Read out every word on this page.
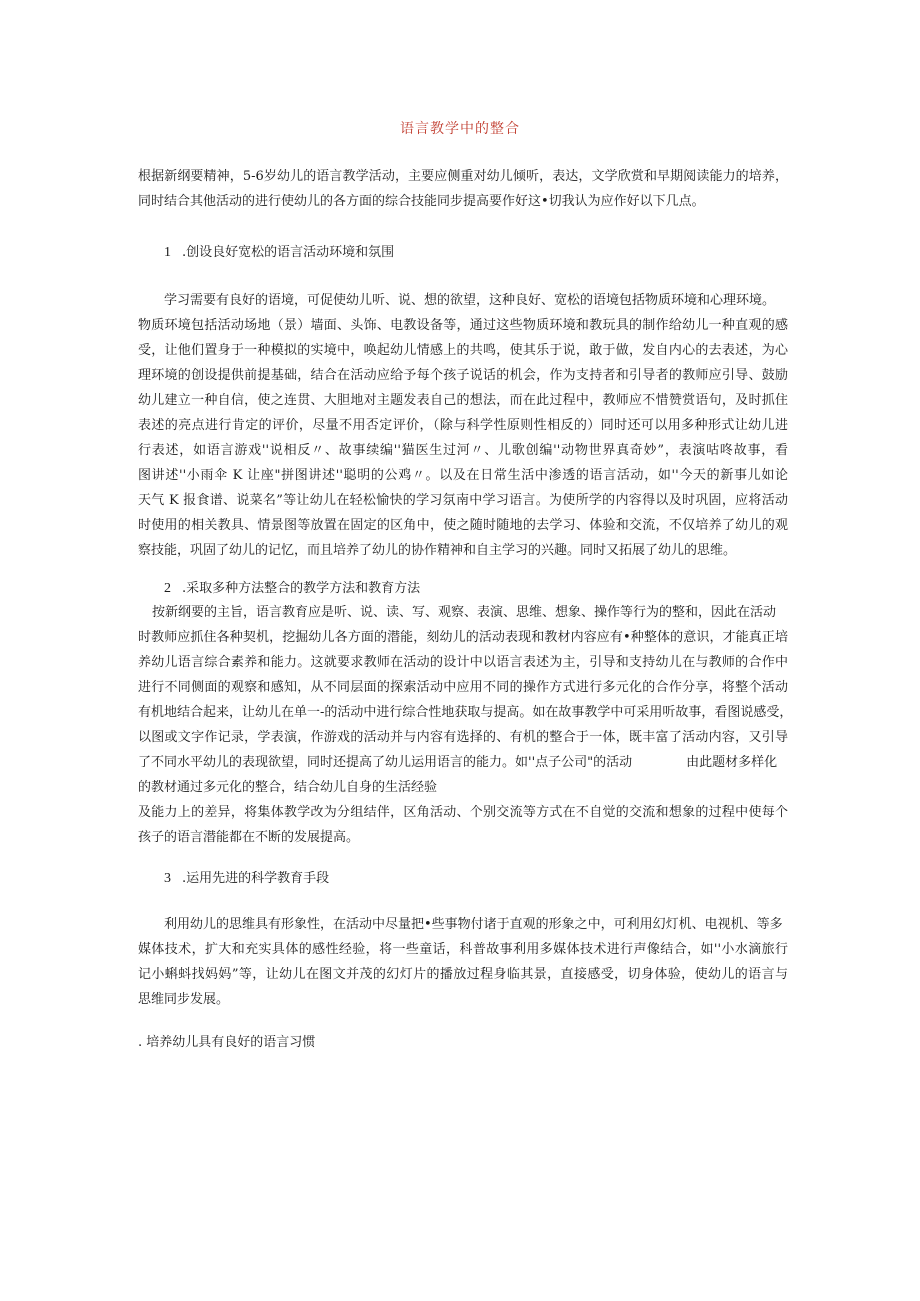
语言教学中的整合
根据新纲要精神，5-6岁幼儿的语言教学活动，主要应侧重对幼儿倾听，表达，文学欣赏和早期阅读能力的培养，
同时结合其他活动的进行使幼儿的各方面的综合技能同步提高要作好这•切我认为应作好以下几点。
1 .创设良好宽松的语言活动环境和氛围
学习需要有良好的语境，可促使幼儿听、说、想的欲望，这种良好、宽松的语境包括物质环境和心理环境。
物质环境包括活动场地（景）墙面、头饰、电教设备等，通过这些物质环境和教玩具的制作给幼儿一种直观的感
受，让他们置身于一种模拟的实境中，唤起幼儿情感上的共鸣，使其乐于说，敢于做，发自内心的去表述，为心
理环境的创设提供前提基础，结合在活动应给予每个孩子说话的机会，作为支持者和引导者的教师应引导、鼓励
幼儿建立一种自信，使之连贯、大胆地对主题发表自己的想法，而在此过程中，教师应不惜赞赏语句，及时抓住
表述的亮点进行肯定的评价，尽量不用否定评价，（除与科学性原则性相反的）同时还可以用多种形式让幼儿进
行表述，如语言游戏''说相反〃、故事续编''猫医生过河〃、儿歌创编''动物世界真奇妙”，表演咕咚故事，看
图讲述''小雨伞 K 让座"拼图讲述''聪明的公鸡〃。以及在日常生活中渗透的语言活动，如''今天的新事儿如论
天气 K 报食谱、说菜名”等让幼儿在轻松愉快的学习氛南中学习语言。为使所学的内容得以及时巩固，应将活动
时使用的相关教具、情景图等放置在固定的区角中，使之随时随地的去学习、体验和交流，不仅培养了幼儿的观
察技能，巩固了幼儿的记忆，而且培养了幼儿的协作精神和自主学习的兴趣。同时又拓展了幼儿的思维。
2 .采取多种方法整合的教学方法和教育方法
按新纲要的主旨，语言教育应是听、说、读、写、观察、表演、思维、想象、操作等行为的整和，因此在活动
时教师应抓住各种契机，挖掘幼儿各方面的潜能，刻幼儿的活动表现和教材内容应有•种整体的意识，才能真正培
养幼儿语言综合素养和能力。这就要求教师在活动的设计中以语言表述为主，引导和支持幼儿在与教师的合作中
进行不同侧面的观察和感知，从不同层面的探索活动中应用不同的操作方式进行多元化的合作分享，将整个活动
有机地结合起来，让幼儿在单一-的活动中进行综合性地获取与提高。如在故事教学中可采用听故事，看图说感受，
以图或文字作记录，学表演，作游戏的活动并与内容有选择的、有机的整合于一体，既丰富了活动内容，又引导
了不同水平幼儿的表现欲望，同时还提高了幼儿运用语言的能力。如''点子公司"的活动	由此题材多样化
的教材通过多元化的整合，结合幼儿自身的生活经验
及能力上的差异，将集体教学改为分组结伴，区角活动、个别交流等方式在不自觉的交流和想象的过程中使每个
孩子的语言潜能都在不断的发展提高。
3 .运用先进的科学教育手段
利用幼儿的思维具有形象性，在活动中尽量把•些事物付诸于直观的形象之中，可利用幻灯机、电视机、等多
媒体技术，扩大和充实具体的感性经验，将一些童话，科普故事利用多媒体技术进行声像结合，如''小水滴旅行
记小蝌蚪找妈妈”等，让幼儿在图文并茂的幻灯片的播放过程身临其景，直接感受，切身体验，使幼儿的语言与
思维同步发展。
. 培养幼儿具有良好的语言习惯
